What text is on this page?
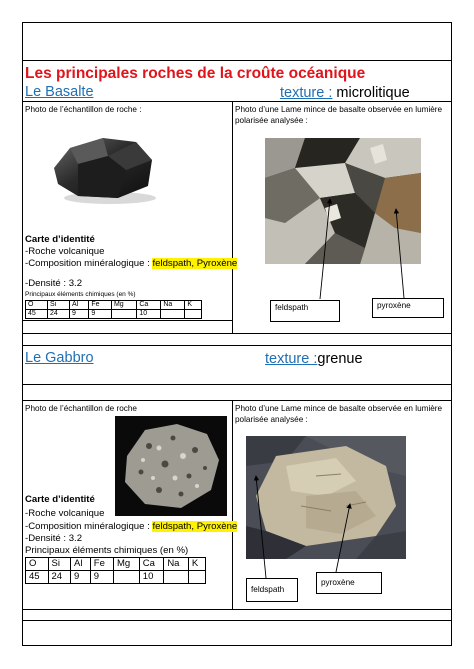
Les principales roches de la croûte océanique
Le Basalte	texture : microlitique
Photo de l’échantillon de roche :	Photo d’une Lame mince de basalte observée en lumière polarisée analysée :
Carte d’identité
-Roche volcanique
-Composition minéralogique : feldspath, Pyroxène
-Densité : 3.2
Principaux éléments chimiques (en %)
O	Si	Al	Fe	Mg	Ca	Na	K
45	24	9	9		10		
feldspath	pyroxène
Le Gabbro	texture :grenue
Photo de l’échantillon de roche	Photo d’une Lame mince de basalte observée en lumière polarisée analysée :
Carte d’identité
-Roche volcanique
-Composition minéralogique : feldspath, Pyroxène
-Densité : 3.2
Principaux éléments chimiques (en %)
O	Si	Al	Fe	Mg	Ca	Na	K
45	24	9	9		10		
feldspath
pyroxène
